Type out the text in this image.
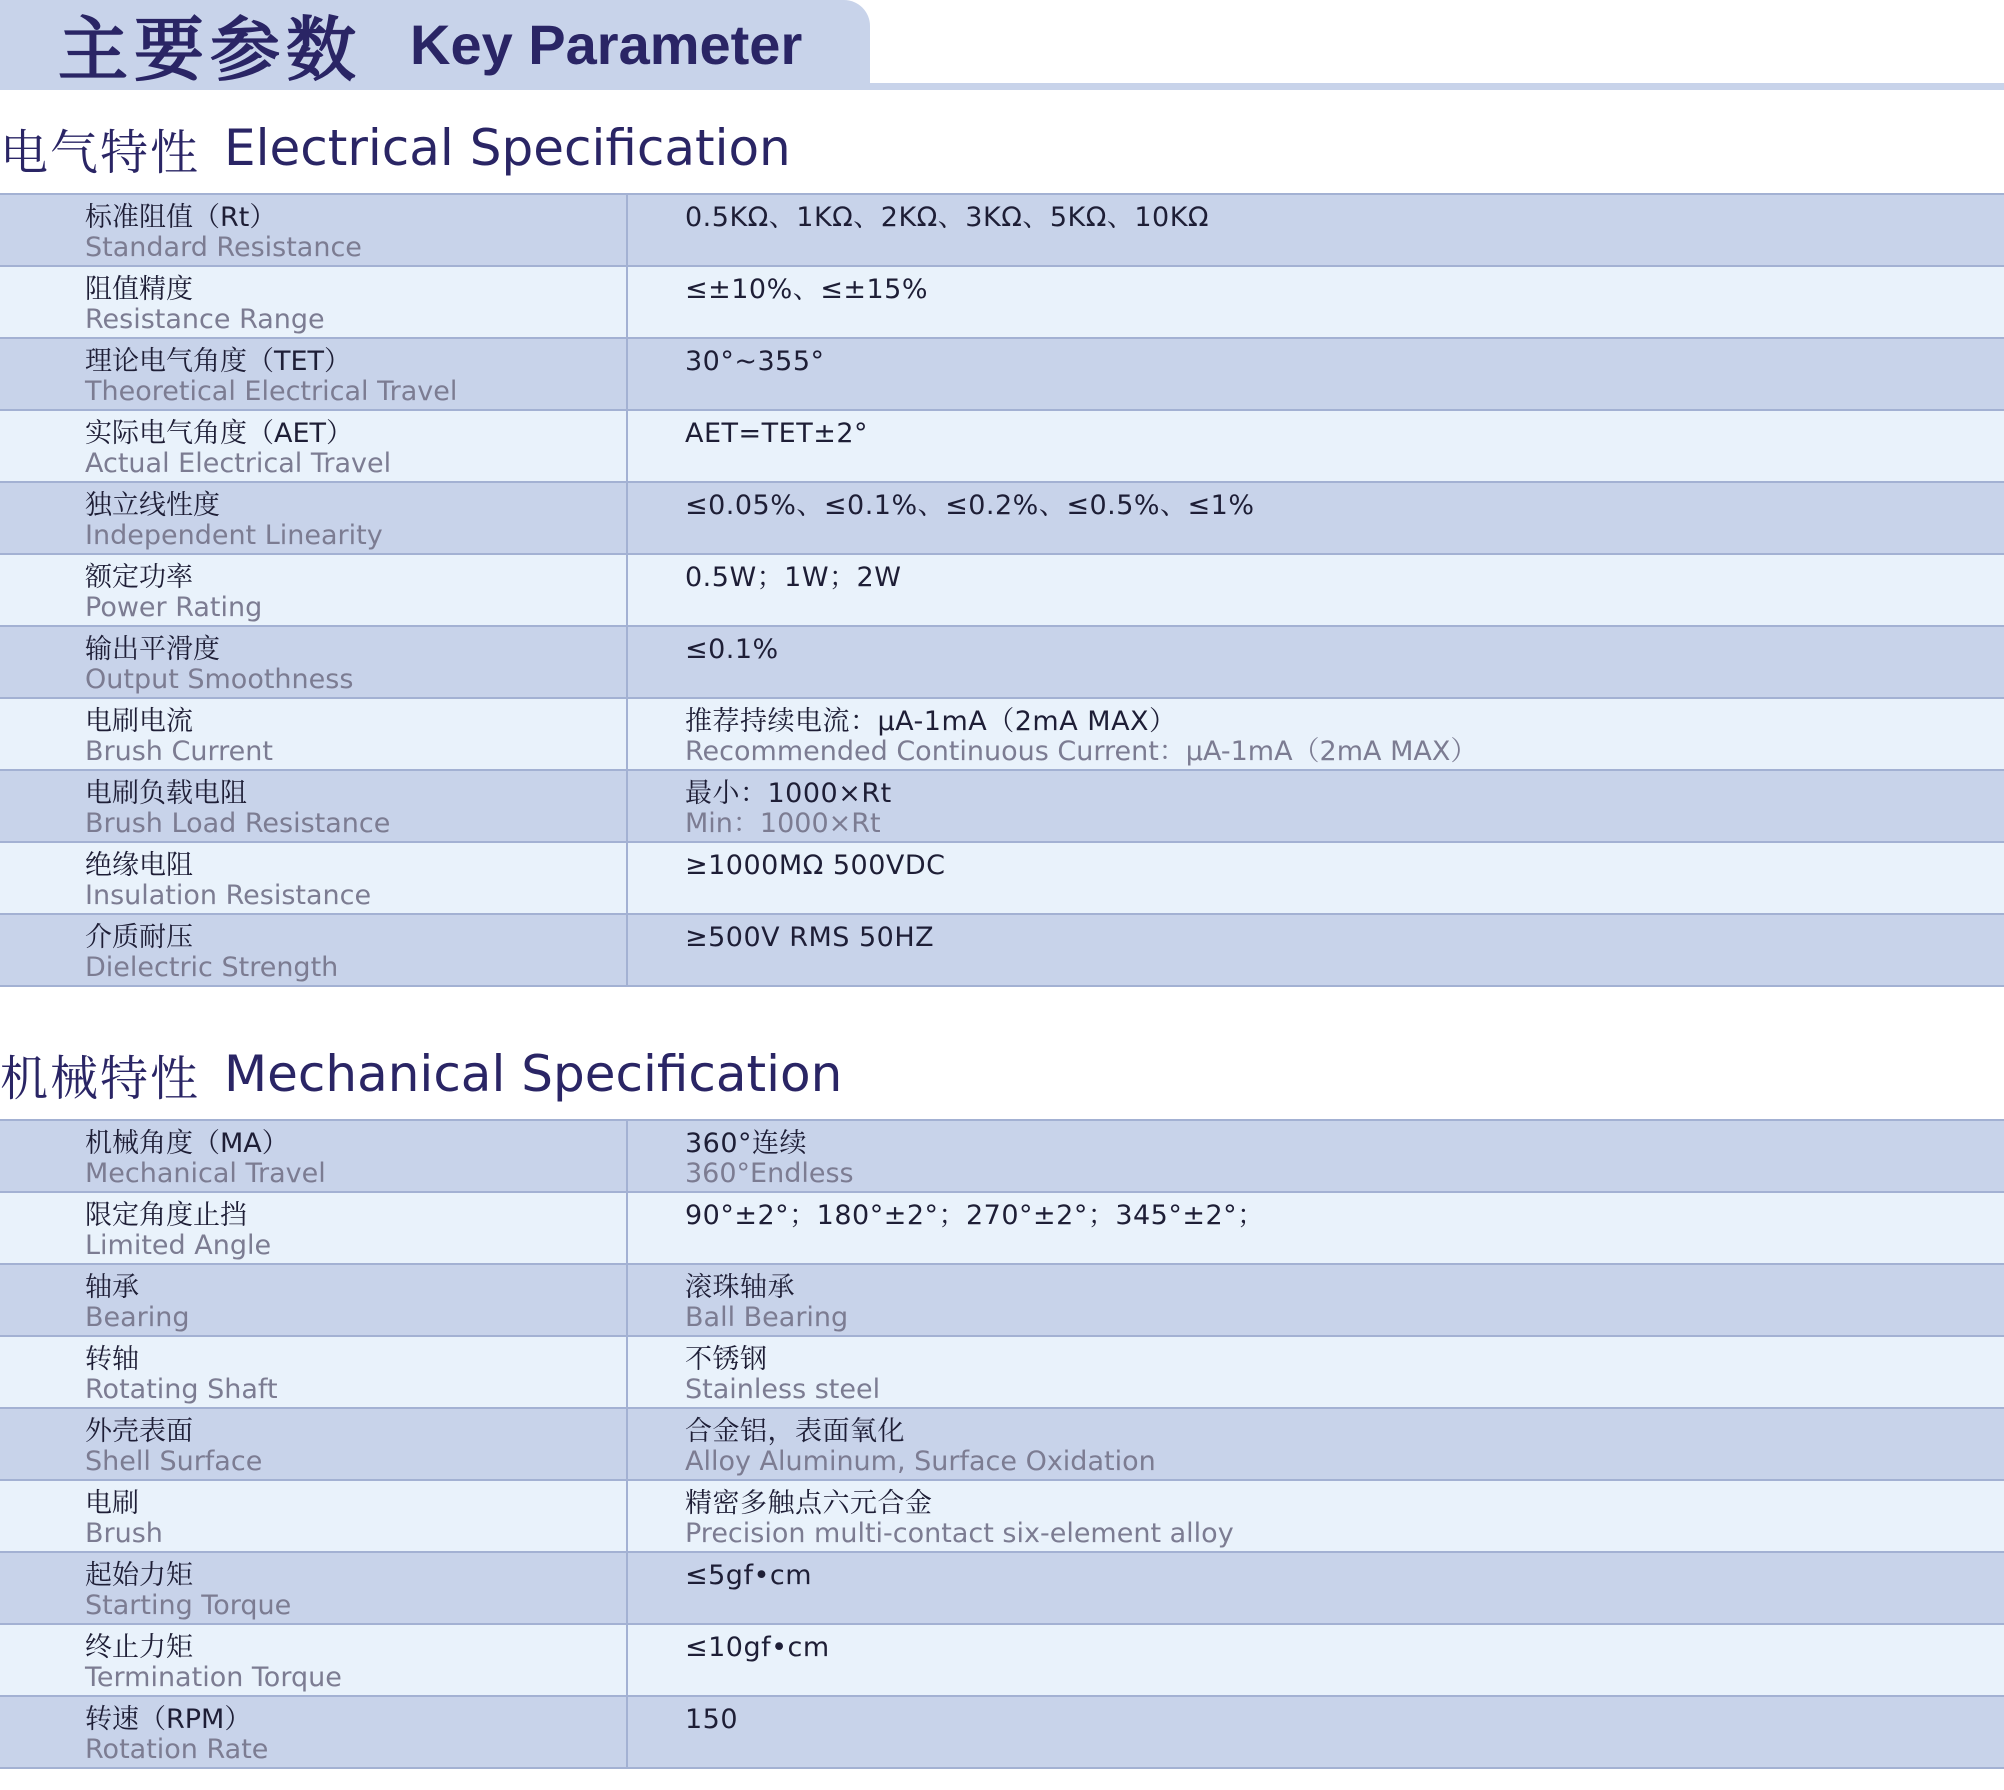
主要参数 Key Parameter
电气特性 Electrical Specification
标准阻值（Rt）
Standard Resistance
0.5KΩ、1KΩ、2KΩ、3KΩ、5KΩ、10KΩ
阻值精度
Resistance Range
≤±10%、≤±15%
理论电气角度（TET）
Theoretical Electrical Travel
30°~355°
实际电气角度（AET）
Actual Electrical Travel
AET=TET±2°
独立线性度
Independent Linearity
≤0.05%、≤0.1%、≤0.2%、≤0.5%、≤1%
额定功率
Power Rating
0.5W；1W；2W
输出平滑度
Output Smoothness
≤0.1%
电刷电流
Brush Current
推荐持续电流：μA-1mA（2mA MAX）
Recommended Continuous Current：μA-1mA（2mA MAX）
电刷负载电阻
Brush Load Resistance
最小：1000×Rt
Min：1000×Rt
绝缘电阻
Insulation Resistance
≥1000MΩ 500VDC
介质耐压
Dielectric Strength
≥500V RMS 50HZ
机械特性 Mechanical Specification
机械角度（MA）
Mechanical Travel
360°连续
360°Endless
限定角度止挡
Limited Angle
90°±2°；180°±2°；270°±2°；345°±2°；
轴承
Bearing
滚珠轴承
Ball Bearing
转轴
Rotating Shaft
不锈钢
Stainless steel
外壳表面
Shell Surface
合金铝，表面氧化
Alloy Aluminum, Surface Oxidation
电刷
Brush
精密多触点六元合金
Precision multi-contact six-element alloy
起始力矩
Starting Torque
≤5gf•cm
终止力矩
Termination Torque
≤10gf•cm
转速（RPM）
Rotation Rate
150
